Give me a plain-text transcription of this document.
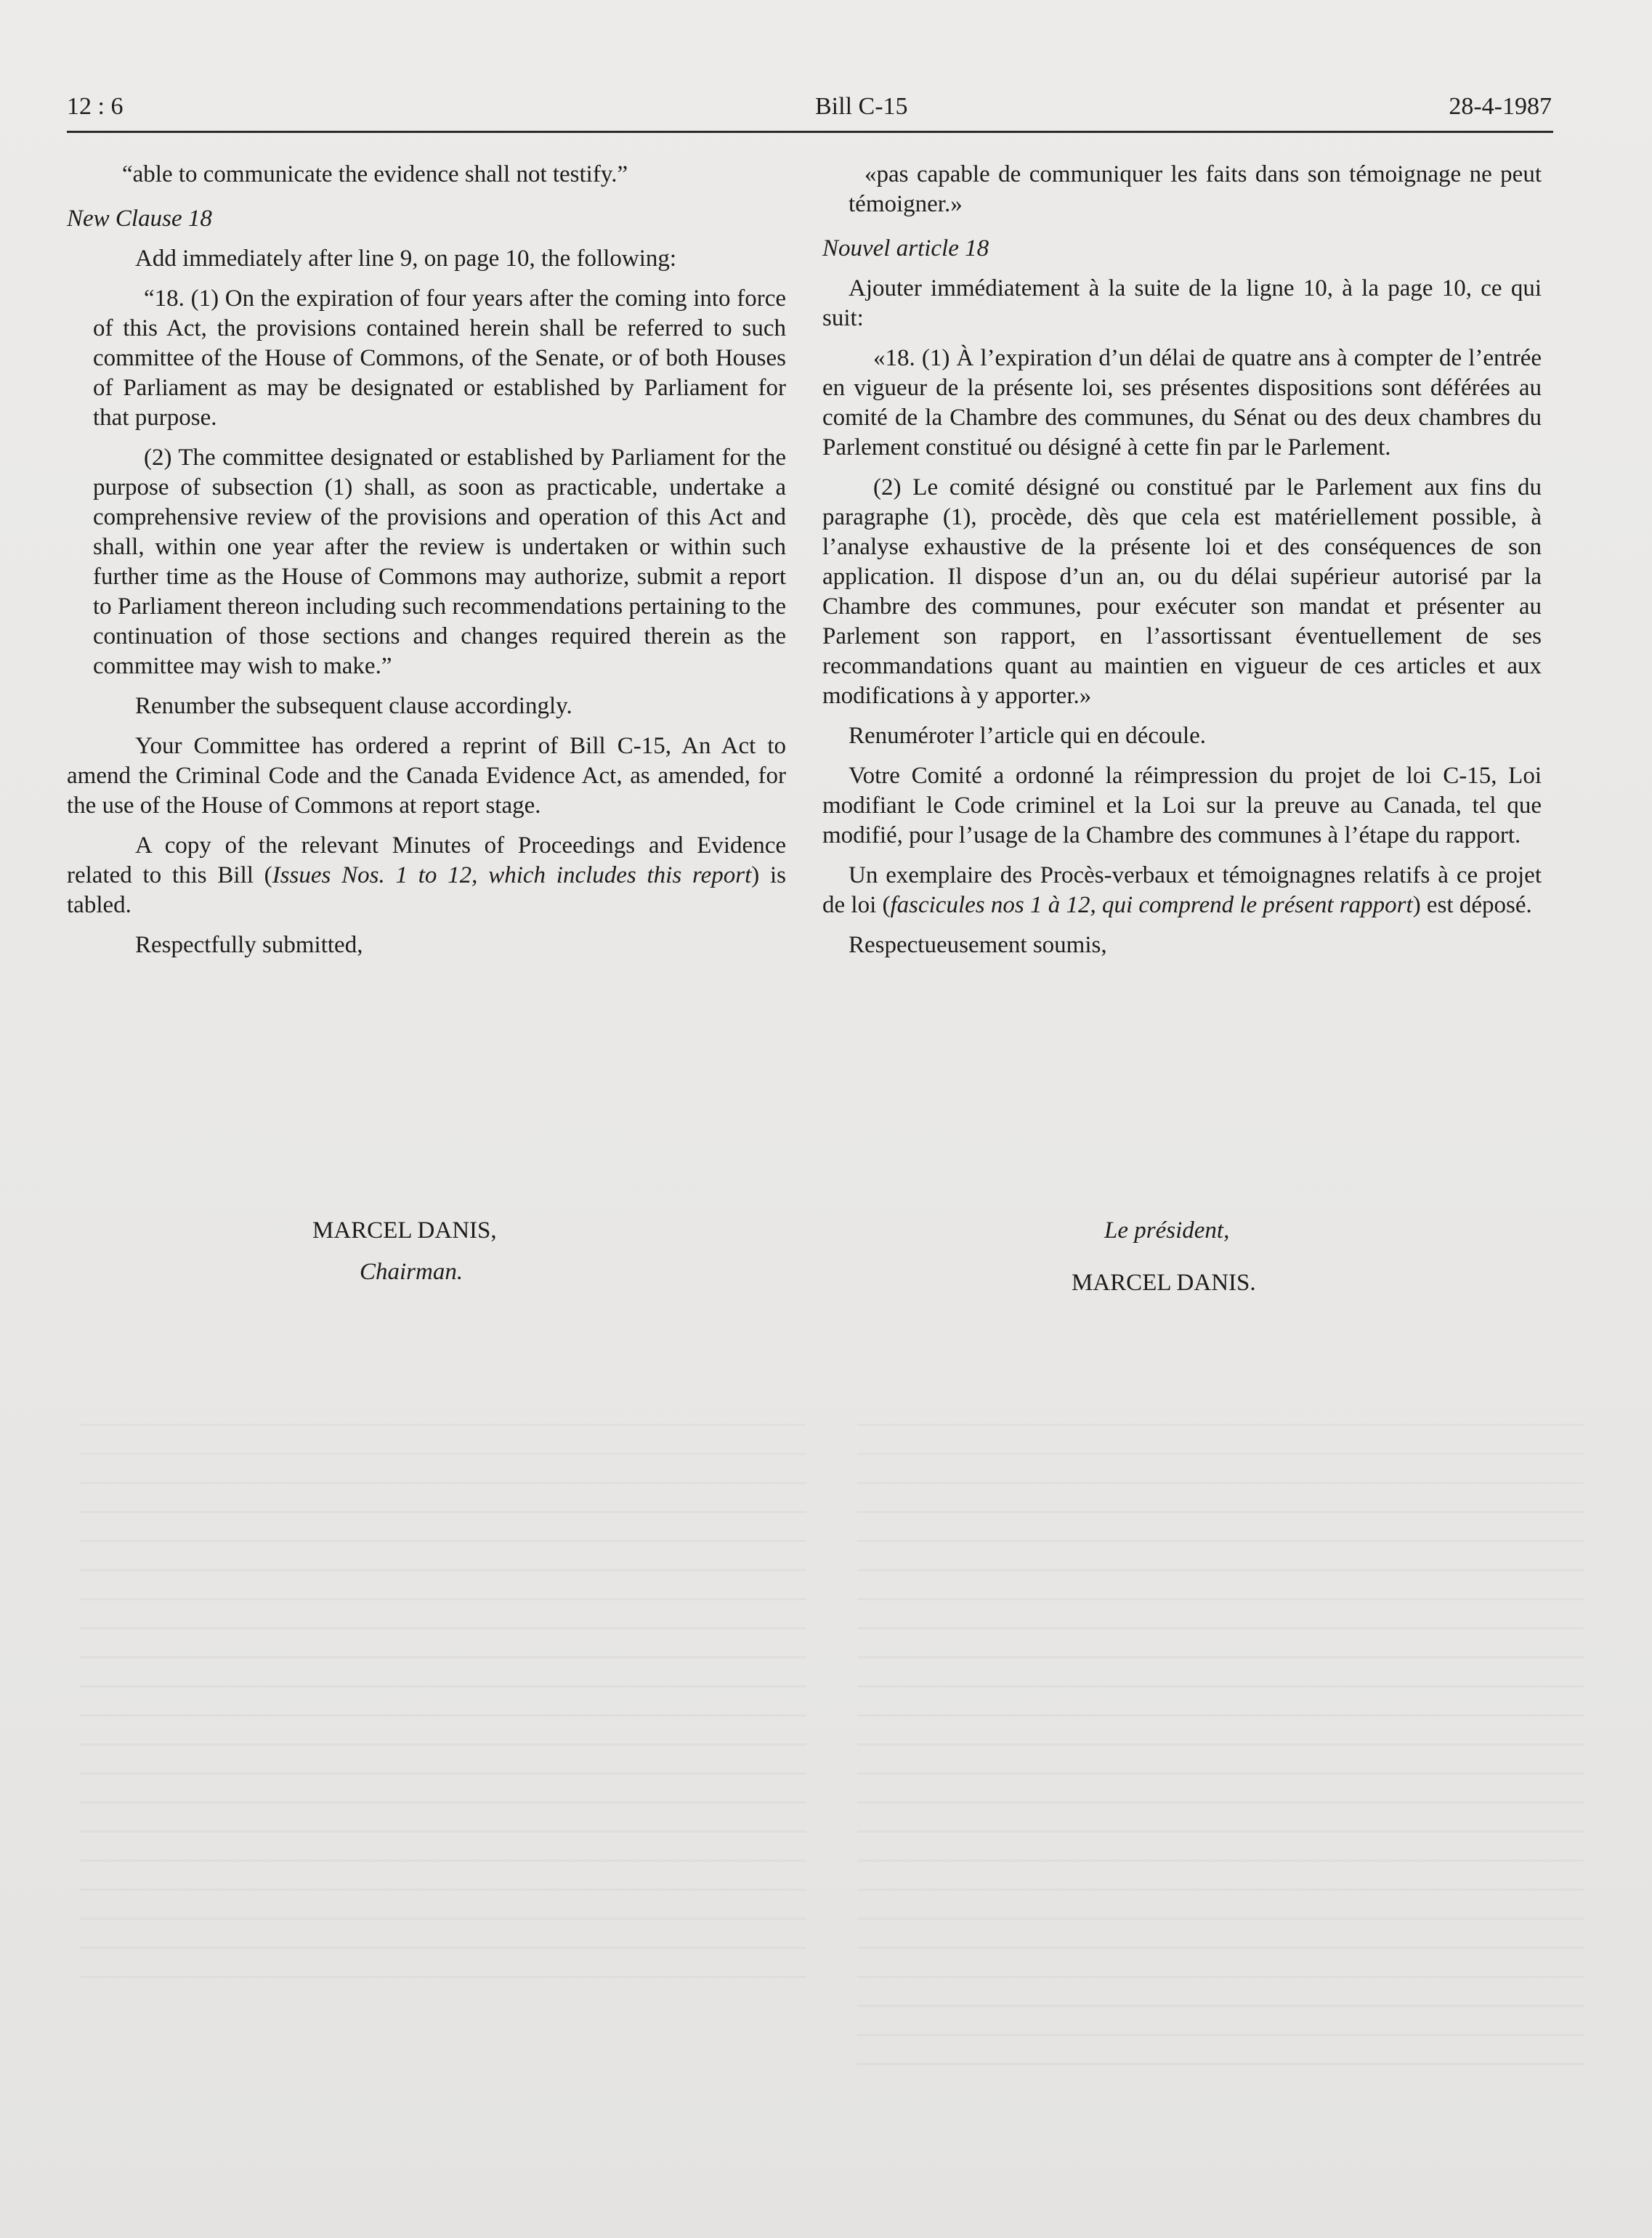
12 : 6	Bill C-15	28-4-1987

“able to communicate the evidence shall not testify.”

New Clause 18

Add immediately after line 9, on page 10, the following:

“18. (1) On the expiration of four years after the coming into force of this Act, the provisions contained herein shall be referred to such committee of the House of Commons, of the Senate, or of both Houses of Parliament as may be designated or established by Parliament for that purpose.

(2) The committee designated or established by Parliament for the purpose of subsection (1) shall, as soon as practicable, undertake a comprehensive review of the provisions and operation of this Act and shall, within one year after the review is undertaken or within such further time as the House of Commons may authorize, submit a report to Parliament thereon including such recommendations pertaining to the continuation of those sections and changes required therein as the committee may wish to make.”

Renumber the subsequent clause accordingly.

Your Committee has ordered a reprint of Bill C-15, An Act to amend the Criminal Code and the Canada Evidence Act, as amended, for the use of the House of Commons at report stage.

A copy of the relevant Minutes of Proceedings and Evidence related to this Bill (Issues Nos. 1 to 12, which includes this report) is tabled.

Respectfully submitted,

MARCEL DANIS,
Chairman.

«pas capable de communiquer les faits dans son témoignage ne peut témoigner.»

Nouvel article 18

Ajouter immédiatement à la suite de la ligne 10, à la page 10, ce qui suit:

«18. (1) À l’expiration d’un délai de quatre ans à compter de l’entrée en vigueur de la présente loi, ses présentes dispositions sont déférées au comité de la Chambre des communes, du Sénat ou des deux chambres du Parlement constitué ou désigné à cette fin par le Parlement.

(2) Le comité désigné ou constitué par le Parlement aux fins du paragraphe (1), procède, dès que cela est matériellement possible, à l’analyse exhaustive de la présente loi et des conséquences de son application. Il dispose d’un an, ou du délai supérieur autorisé par la Chambre des communes, pour exécuter son mandat et présenter au Parlement son rapport, en l’assortissant éventuellement de ses recommandations quant au maintien en vigueur de ces articles et aux modifications à y apporter.»

Renuméroter l’article qui en découle.

Votre Comité a ordonné la réimpression du projet de loi C-15, Loi modifiant le Code criminel et la Loi sur la preuve au Canada, tel que modifié, pour l’usage de la Chambre des communes à l’étape du rapport.

Un exemplaire des Procès-verbaux et témoignagnes relatifs à ce projet de loi (fascicules nos 1 à 12, qui comprend le présent rapport) est déposé.

Respectueusement soumis,

Le président,
MARCEL DANIS.
